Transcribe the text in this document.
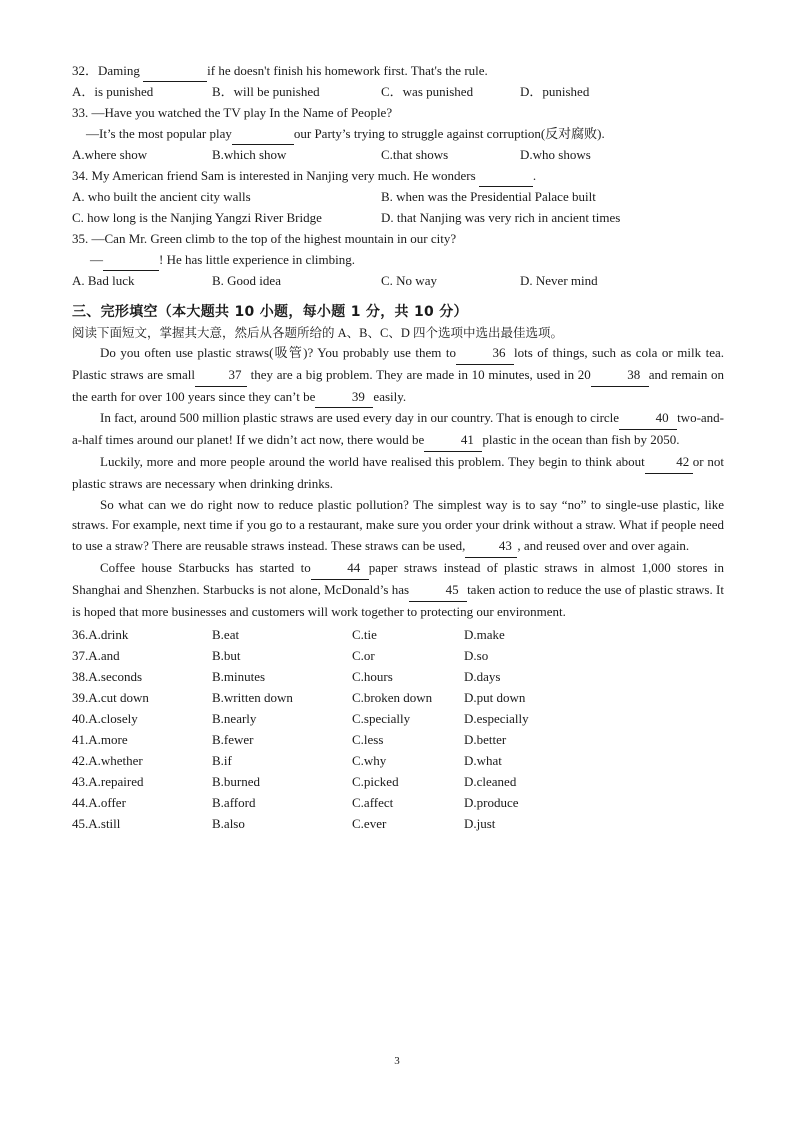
32．Daming	if he doesn't finish his homework first. That's the rule.
A．is punished	B．will be punished	C．was punished	D．punished
33. —Have you watched the TV play In the Name of People?
—It’s the most popular play	our Party’s trying to struggle against corruption(反对腐败).
A.where show	B.which show	C.that shows	D.who shows
34. My American friend Sam is interested in Nanjing very much. He wonders	.
A. who built the ancient city walls	B. when was the Presidential Palace built
C. how long is the Nanjing Yangzi River Bridge	D. that Nanjing was very rich in ancient times
35. —Can Mr. Green climb to the top of the highest mountain in our city?
—	! He has little experience in climbing.
A. Bad luck	B. Good idea	C. No way	D. Never mind
三、完形填空（本大题共 10 小题，每小题 1 分，共 10 分）
阅读下面短文，掌握其大意，然后从各题所给的 A、B、C、D 四个选项中选出最佳选项。

Do you often use plastic straws(吸管)? You probably use them to	36 lots of things, such as cola or milk tea. Plastic straws are small	37 they are a big problem. They are made in 10 minutes, used in 20	38 and remain on the earth for over 100 years since they can’t be	39 easily.

In fact, around 500 million plastic straws are used every day in our country. That is enough to circle	40 two-and-a-half times around our planet! If we didn’t act now, there would be	41 plastic in the ocean than fish by 2050.

Luckily, more and more people around the world have realised this problem. They begin to think about 42 or not plastic straws are necessary when drinking drinks.

So what can we do right now to reduce plastic pollution? The simplest way is to say “no” to single-use plastic, like straws. For example, next time if you go to a restaurant, make sure you order your drink without a straw. What if people need to use a straw? There are reusable straws instead. These straws can be used,	43 , and reused over and over again.

Coffee house Starbucks has started to	44 paper straws instead of plastic straws in almost 1,000 stores in Shanghai and Shenzhen. Starbucks is not alone, McDonald’s has	45 taken action to reduce the use of plastic straws. It is hoped that more businesses and customers will work together to protecting our environment.

36.A.drink	B.eat	C.tie	D.make
37.A.and	B.but	C.or	D.so
38.A.seconds	B.minutes	C.hours	D.days
39.A.cut down	B.written down	C.broken down D.put down
40.A.closely	B.nearly	C.specially	D.especially
41.A.more	B.fewer	C.less	D.better
42.A.whether	B.if	C.why	D.what
43.A.repaired	B.burned	C.picked	D.cleaned
44.A.offer	B.afford	C.affect	D.produce
45.A.still	B.also	C.ever	D.just
3
